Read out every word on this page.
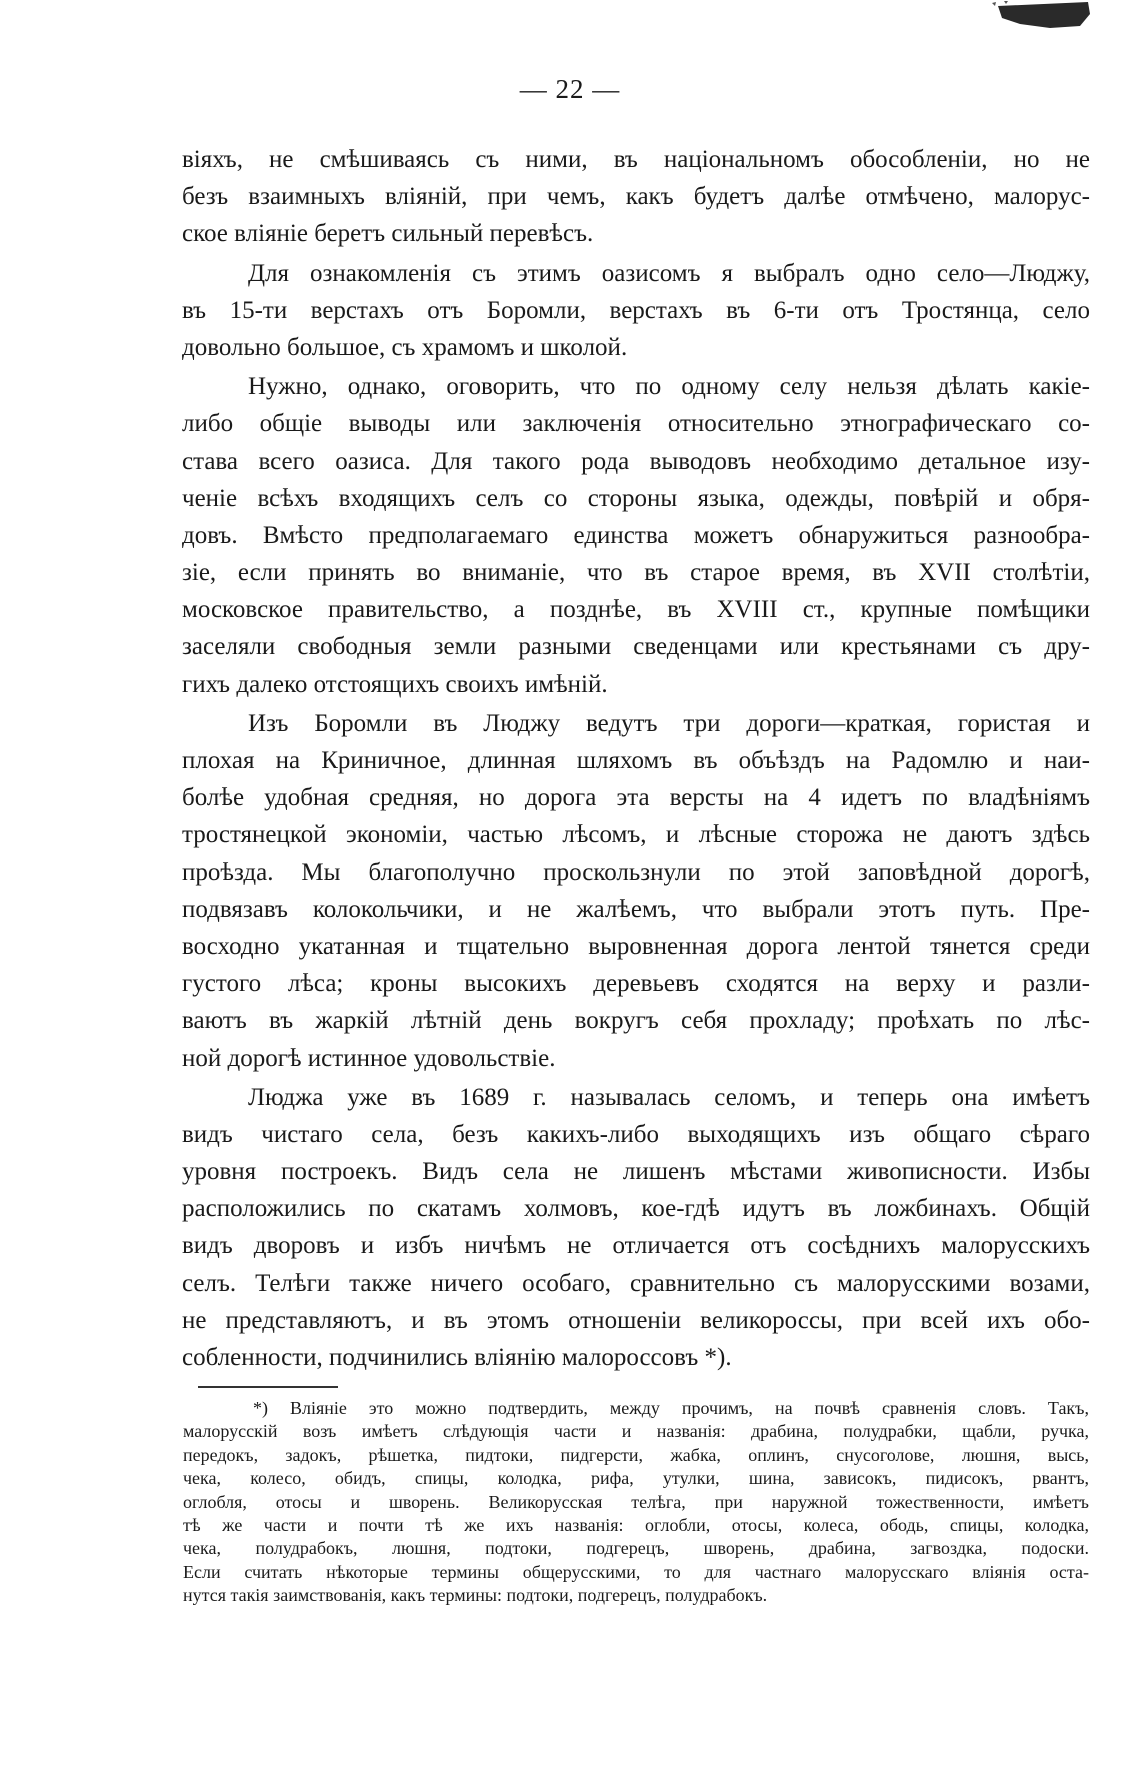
— 22 —
віяхъ, не смѣшиваясь съ ними, въ національномъ обособленіи, но не
безъ взаимныхъ вліяній, при чемъ, какъ будетъ далѣе отмѣчено, малорус-
ское вліяніе беретъ сильный перевѣсъ.
Для ознакомленія съ этимъ оазисомъ я выбралъ одно село—Люджу,
въ 15-ти верстахъ отъ Боромли, верстахъ въ 6-ти отъ Тростянца, село
довольно большое, съ храмомъ и школой.
Нужно, однако, оговорить, что по одному селу нельзя дѣлать какіе-
либо общіе выводы или заключенія относительно этнографическаго со-
става всего оазиса. Для такого рода выводовъ необходимо детальное изу-
ченіе всѣхъ входящихъ селъ со стороны языка, одежды, повѣрій и обря-
довъ. Вмѣсто предполагаемаго единства можетъ обнаружиться разнообра-
зіе, если принять во вниманіе, что въ старое время, въ XVII столѣтіи,
московское правительство, а позднѣе, въ XVIII ст., крупные помѣщики
заселяли свободныя земли разными сведенцами или крестьянами съ дру-
гихъ далеко отстоящихъ своихъ имѣній.
Изъ Боромли въ Люджу ведутъ три дороги—краткая, гористая и
плохая на Криничное, длинная шляхомъ въ объѣздъ на Радомлю и наи-
болѣе удобная средняя, но дорога эта версты на 4 идетъ по владѣніямъ
тростянецкой экономіи, частью лѣсомъ, и лѣсные сторожа не даютъ здѣсь
проѣзда. Мы благополучно проскользнули по этой заповѣдной дорогѣ,
подвязавъ колокольчики, и не жалѣемъ, что выбрали этотъ путь. Пре-
восходно укатанная и тщательно выровненная дорога лентой тянется среди
густого лѣса; кроны высокихъ деревьевъ сходятся на верху и разли-
ваютъ въ жаркій лѣтній день вокругъ себя прохладу; проѣхать по лѣс-
ной дорогѣ истинное удовольствіе.
Люджа уже въ 1689 г. называлась селомъ, и теперь она имѣетъ
видъ чистаго села, безъ какихъ-либо выходящихъ изъ общаго сѣраго
уровня построекъ. Видъ села не лишенъ мѣстами живописности. Избы
расположились по скатамъ холмовъ, кое-гдѣ идутъ въ ложбинахъ. Общій
видъ дворовъ и избъ ничѣмъ не отличается отъ сосѣднихъ малорусскихъ
селъ. Телѣги также ничего особаго, сравнительно съ малорусскими возами,
не представляютъ, и въ этомъ отношеніи великороссы, при всей ихъ обо-
собленности, подчинились вліянію малороссовъ *).
*) Вліяніе это можно подтвердить, между прочимъ, на почвѣ сравненія словъ. Такъ,
малорусскій возъ имѣетъ слѣдующія части и названія: драбина, полудрабки, щабли, ручка,
передокъ, задокъ, рѣшетка, пидтоки, пидгерсти, жабка, оплинъ, снусоголове, люшня, высь,
чека, колесо, обидъ, спицы, колодка, рифа, утулки, шина, зависокъ, пидисокъ, рвантъ,
оглобля, отосы и шворень. Великорусская телѣга, при наружной тожественности, имѣетъ
тѣ же части и почти тѣ же ихъ названія: оглобли, отосы, колеса, ободь, спицы, колодка,
чека, полудрабокъ, люшня, подтоки, подгерецъ, шворень, драбина, загвоздка, подоски.
Если считать нѣкоторые термины общерусскими, то для частнаго малорусскаго вліянія оста-
нутся такія заимствованія, какъ термины: подтоки, подгерецъ, полудрабокъ.
